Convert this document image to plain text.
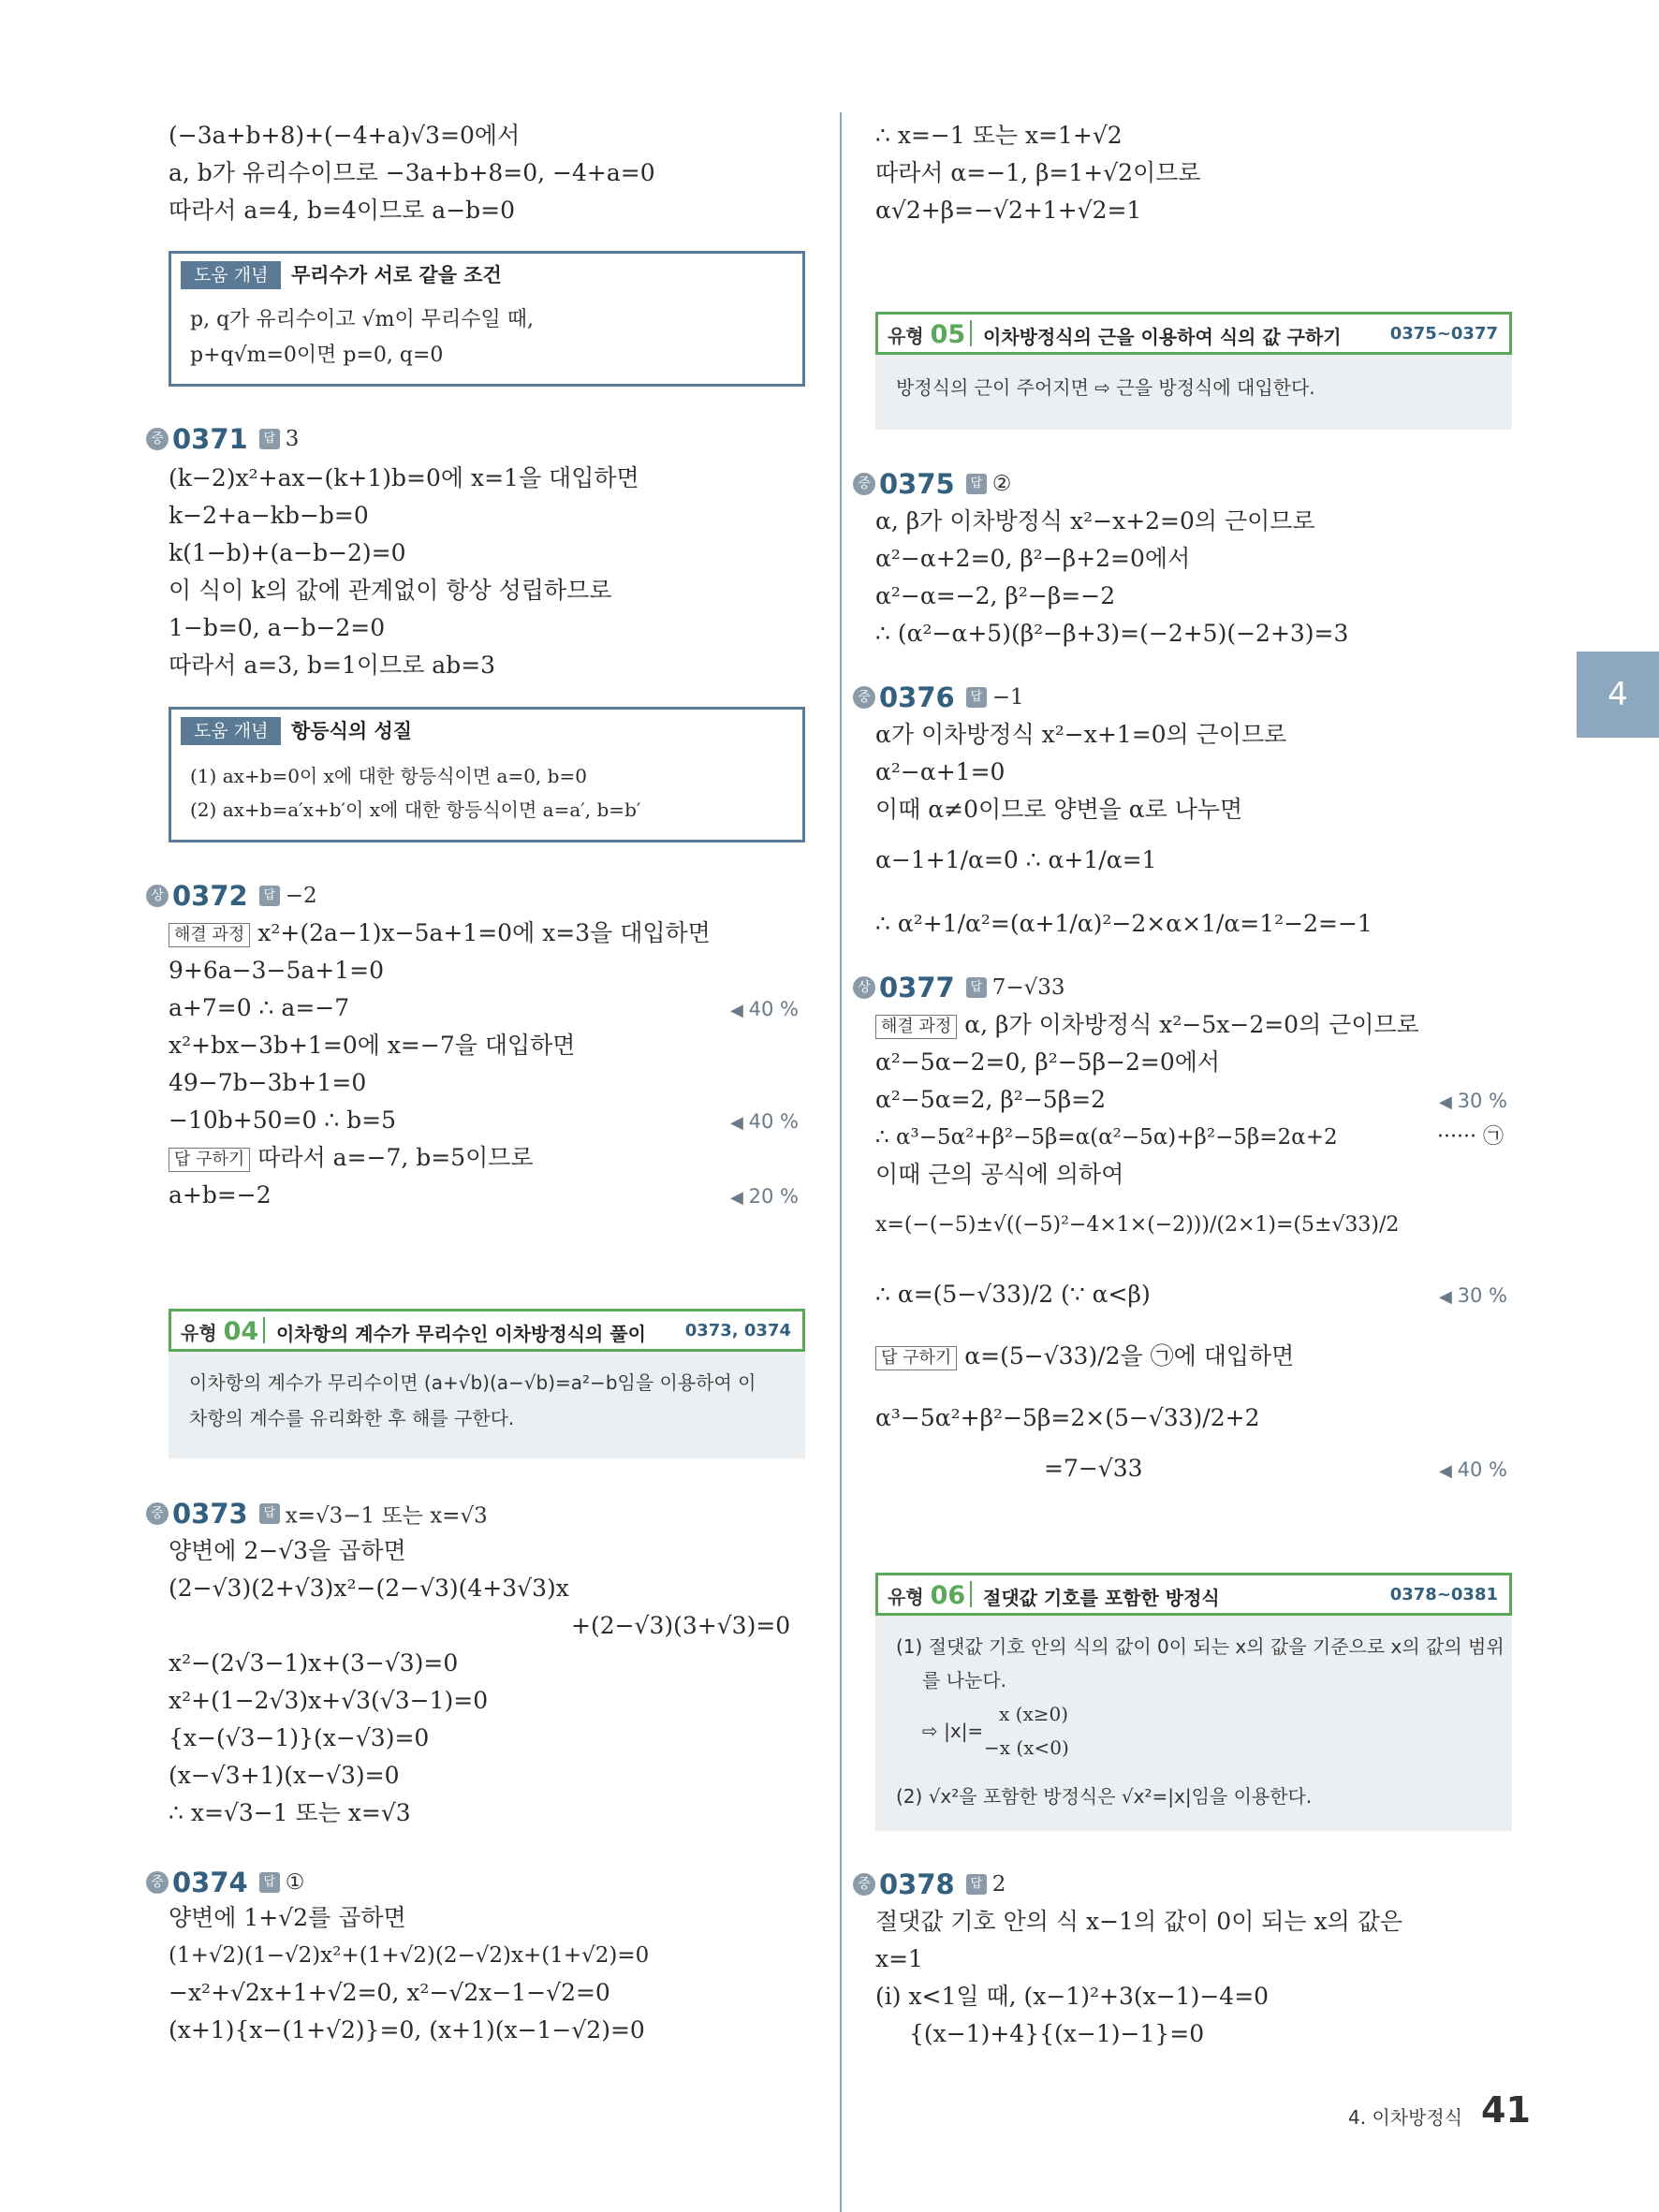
(−3a+b+8)+(−4+a)√3=0에서
a, b가 유리수이므로 −3a+b+8=0, −4+a=0
따라서 a=4, b=4이므로 a−b=0
도움 개념	무리수가 서로 같을 조건
p, q가 유리수이고 √m이 무리수일 때,
p+q√m=0이면 p=0, q=0
중 0371 답 3
(k−2)x²+ax−(k+1)b=0에 x=1을 대입하면
k−2+a−kb−b=0
k(1−b)+(a−b−2)=0
이 식이 k의 값에 관계없이 항상 성립하므로
1−b=0, a−b−2=0
따라서 a=3, b=1이므로 ab=3
도움 개념	항등식의 성질
(1) ax+b=0이 x에 대한 항등식이면 a=0, b=0
(2) ax+b=a′x+b′이 x에 대한 항등식이면 a=a′, b=b′
상 0372 답 −2
해결 과정 x²+(2a−1)x−5a+1=0에 x=3을 대입하면
9+6a−3−5a+1=0
a+7=0 ∴ a=−7	◀ 40 %
x²+bx−3b+1=0에 x=−7을 대입하면
49−7b−3b+1=0
−10b+50=0 ∴ b=5	◀ 40 %
답 구하기 따라서 a=−7, b=5이므로
a+b=−2	◀ 20 %
유형 04 이차항의 계수가 무리수인 이차방정식의 풀이 0373, 0374
이차항의 계수가 무리수이면 (a+√b)(a−√b)=a²−b임을 이용하여 이
차항의 계수를 유리화한 후 해를 구한다.
중 0373 답 x=√3−1 또는 x=√3
양변에 2−√3을 곱하면
(2−√3)(2+√3)x²−(2−√3)(4+3√3)x
+(2−√3)(3+√3)=0
x²−(2√3−1)x+(3−√3)=0
x²+(1−2√3)x+√3(√3−1)=0
{x−(√3−1)}(x−√3)=0
(x−√3+1)(x−√3)=0
∴ x=√3−1 또는 x=√3
중 0374 답 ①
양변에 1+√2를 곱하면
(1+√2)(1−√2)x²+(1+√2)(2−√2)x+(1+√2)=0
−x²+√2x+1+√2=0, x²−√2x−1−√2=0
(x+1){x−(1+√2)}=0, (x+1)(x−1−√2)=0
∴ x=−1 또는 x=1+√2
따라서 α=−1, β=1+√2이므로
α√2+β=−√2+1+√2=1
유형 05 이차방정식의 근을 이용하여 식의 값 구하기	0375~0377
방정식의 근이 주어지면 ⇨ 근을 방정식에 대입한다.
중 0375 답 ②
α, β가 이차방정식 x²−x+2=0의 근이므로
α²−α+2=0, β²−β+2=0에서
α²−α=−2, β²−β=−2
∴ (α²−α+5)(β²−β+3)=(−2+5)(−2+3)=3
중 0376 답 −1
α가 이차방정식 x²−x+1=0의 근이므로
α²−α+1=0
이때 α≠0이므로 양변을 α로 나누면
α−1+1/α=0 ∴ α+1/α=1
∴ α²+1/α²=(α+1/α)²−2×α×1/α=1²−2=−1
상 0377 답 7−√33
해결 과정 α, β가 이차방정식 x²−5x−2=0의 근이므로
α²−5α−2=0, β²−5β−2=0에서
α²−5α=2, β²−5β=2	◀ 30 %
∴ α³−5α²+β²−5β=α(α²−5α)+β²−5β=2α+2	······ ㉠
이때 근의 공식에 의하여
x=(−(−5)±√((−5)²−4×1×(−2)))/(2×1)=(5±√33)/2
∴ α=(5−√33)/2 (∵ α<β)	◀ 30 %
답 구하기 α=(5−√33)/2을 ㉠에 대입하면
α³−5α²+β²−5β=2×(5−√33)/2+2
=7−√33	◀ 40 %
유형 06 절댓값 기호를 포함한 방정식	0378~0381
(1) 절댓값 기호 안의 식의 값이 0이 되는 x의 값을 기준으로 x의 값의 범위
를 나눈다.
⇨ |x|=
x (x≥0)
−x (x<0)
(2) √x²을 포함한 방정식은 √x²=|x|임을 이용한다.
중 0378 답 2
절댓값 기호 안의 식 x−1의 값이 0이 되는 x의 값은
x=1
(i) x<1일 때, (x−1)²+3(x−1)−4=0
{(x−1)+4}{(x−1)−1}=0
4
4. 이차방정식 41
